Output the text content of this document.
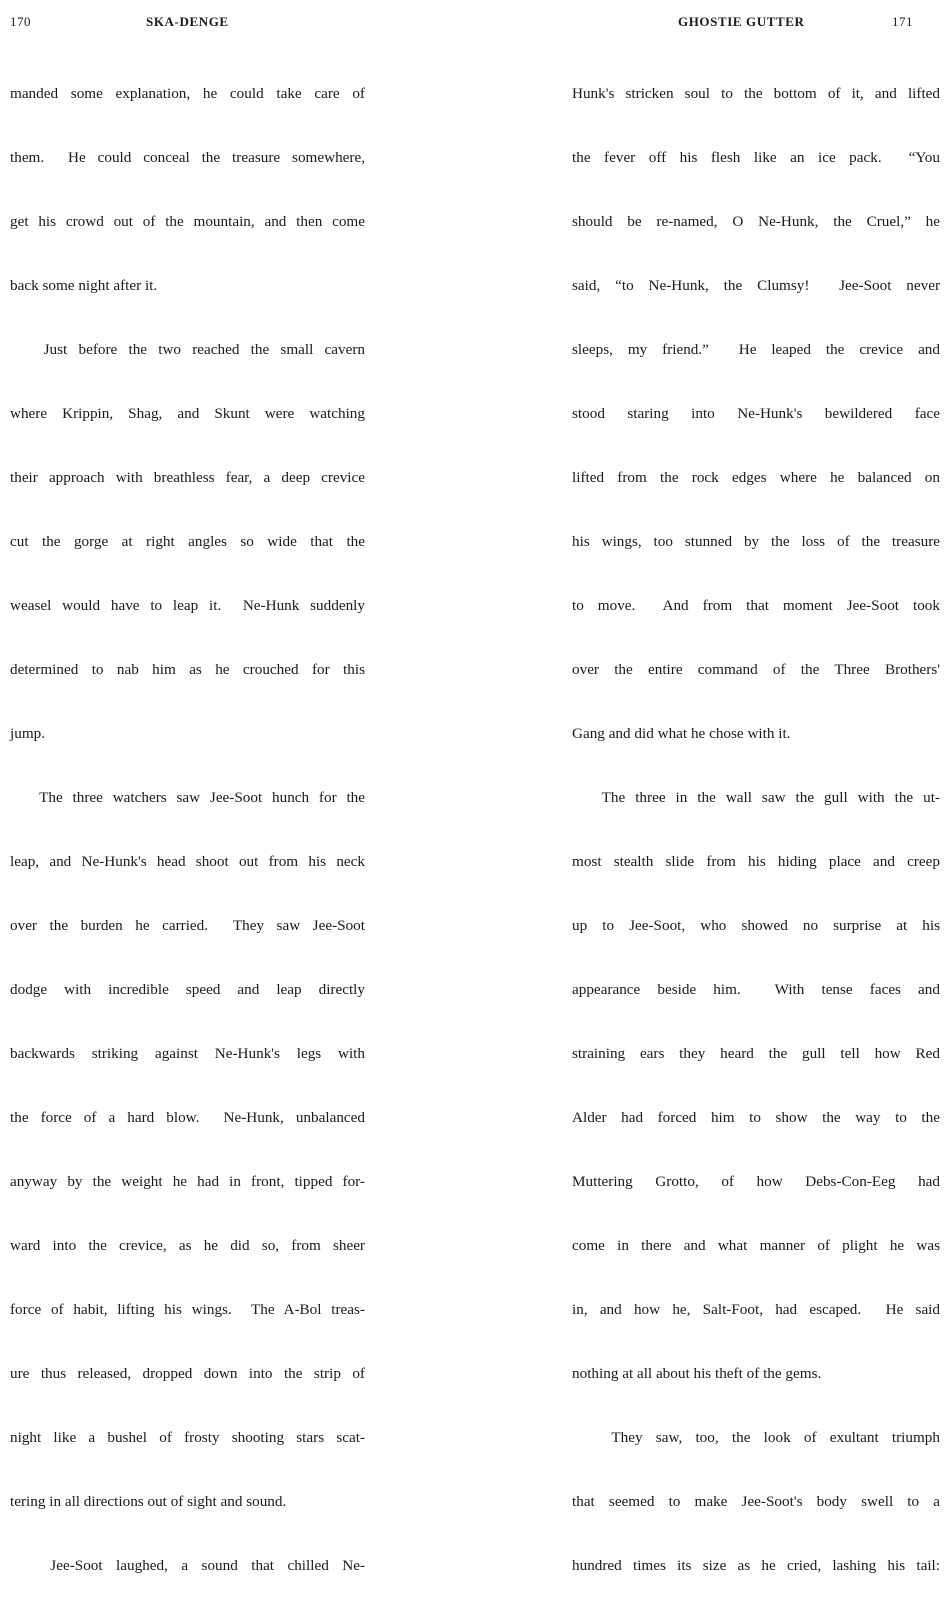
170	SKA-DENGE

manded some explanation, he could take care of

them.  He could conceal the treasure somewhere,

get his crowd out of the mountain, and then come

back some night after it.

Just before the two reached the small cavern

where Krippin, Shag, and Skunt were watching

their approach with breathless fear, a deep crevice

cut the gorge at right angles so wide that the

weasel would have to leap it.  Ne-Hunk suddenly

determined to nab him as he crouched for this

jump.

The three watchers saw Jee-Soot hunch for the

leap, and Ne-Hunk's head shoot out from his neck

over the burden he carried.  They saw Jee-Soot

dodge with incredible speed and leap directly

backwards striking against Ne-Hunk's legs with

the force of a hard blow.  Ne-Hunk, unbalanced

anyway by the weight he had in front, tipped for-

ward into the crevice, as he did so, from sheer

force of habit, lifting his wings.  The A-Bol treas-

ure thus released, dropped down into the strip of

night like a bushel of frosty shooting stars scat-

tering in all directions out of sight and sound.

Jee-Soot laughed, a sound that chilled Ne-

GHOSTIE GUTTER	171

Hunk's stricken soul to the bottom of it, and lifted

the fever off his flesh like an ice pack.  “You

should be re-named, O Ne-Hunk, the Cruel,” he

said, “to Ne-Hunk, the Clumsy!  Jee-Soot never

sleeps, my friend.”  He leaped the crevice and

stood staring into Ne-Hunk's bewildered face

lifted from the rock edges where he balanced on

his wings, too stunned by the loss of the treasure

to move.  And from that moment Jee-Soot took

over the entire command of the Three Brothers'

Gang and did what he chose with it.

The three in the wall saw the gull with the ut-

most stealth slide from his hiding place and creep

up to Jee-Soot, who showed no surprise at his

appearance beside him.  With tense faces and

straining ears they heard the gull tell how Red

Alder had forced him to show the way to the

Muttering Grotto, of how Debs-Con-Eeg had

come in there and what manner of plight he was

in, and how he, Salt-Foot, had escaped.  He said

nothing at all about his theft of the gems.

They saw, too, the look of exultant triumph

that seemed to make Jee-Soot's body swell to a

hundred times its size as he cried, lashing his tail:
